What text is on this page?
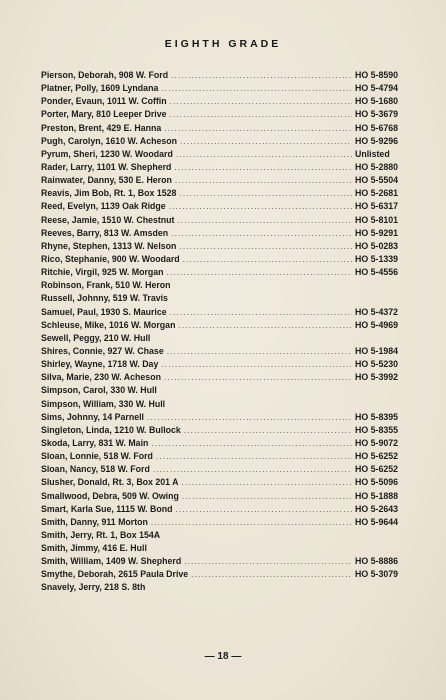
EIGHTH GRADE
Pierson, Deborah, 908 W. Ford .....	HO 5-8590
Platner, Polly, 1609 Lyndana .....	HO 5-4794
Ponder, Evaun, 1011 W. Coffin .....	HO 5-1680
Porter, Mary, 810 Leeper Drive .....	HO 5-3679
Preston, Brent, 429 E. Hanna .....	HO 5-6768
Pugh, Carolyn, 1610 W. Acheson .....	HO 5-9296
Pyrum, Sheri, 1230 W. Woodard .....	Unlisted
Rader, Larry, 1101 W. Shepherd .....	HO 5-2880
Rainwater, Danny, 530 E. Heron .....	HO 5-5504
Reavis, Jim Bob, Rt. 1, Box 1528 .....	HO 5-2681
Reed, Evelyn, 1139 Oak Ridge .....	HO 5-6317
Reese, Jamie, 1510 W. Chestnut .....	HO 5-8101
Reeves, Barry, 813 W. Amsden .....	HO 5-9291
Rhyne, Stephen, 1313 W. Nelson .....	HO 5-0283
Rico, Stephanie, 900 W. Woodard .....	HO 5-1339
Ritchie, Virgil, 925 W. Morgan .....	HO 5-4556
Robinson, Frank, 510 W. Heron
Russell, Johnny, 519 W. Travis
Samuel, Paul, 1930 S. Maurice .....	HO 5-4372
Schleuse, Mike, 1016 W. Morgan .....	HO 5-4969
Sewell, Peggy, 210 W. Hull
Shires, Connie, 927 W. Chase .....	HO 5-1984
Shirley, Wayne, 1718 W. Day .....	HO 5-5230
Silva, Marie, 230 W. Acheson .....	HO 5-3992
Simpson, Carol, 330 W. Hull
Simpson, William, 330 W. Hull
Sims, Johnny, 14 Parnell .....	HO 5-8395
Singleton, Linda, 1210 W. Bullock .....	HO 5-8355
Skoda, Larry, 831 W. Main .....	HO 5-9072
Sloan, Lonnie, 518 W. Ford .....	HO 5-6252
Sloan, Nancy, 518 W. Ford .....	HO 5-6252
Slusher, Donald, Rt. 3, Box 201 A .....	HO 5-5096
Smallwood, Debra, 509 W. Owing .....	HO 5-1888
Smart, Karla Sue, 1115 W. Bond .....	HO 5-2643
Smith, Danny, 911 Morton .....	HO 5-9644
Smith, Jerry, Rt. 1, Box 154A
Smith, Jimmy, 416 E. Hull
Smith, William, 1409 W. Shepherd .....	HO 5-8886
Smythe, Deborah, 2615 Paula Drive .....	HO 5-3079
Snavely, Jerry, 218 S. 8th
— 18 —
